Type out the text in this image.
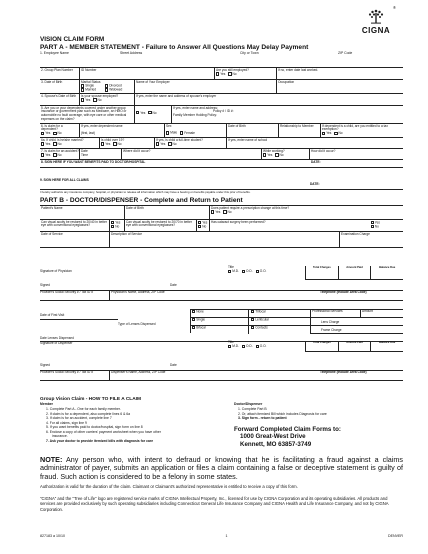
®
CIGNA
VISION CLAIM FORM
PART A - MEMBER STATEMENT - Failure to Answer All Questions May Delay Payment
1. Employee Name	Street Address	City or Town	ZIP Code
2. Group Plan Number	ID Number	Are you still employed?
Yes No
If no, enter date last worked.
3. Date of Birth	Marital Status
Single	Divorced
Married	Widowed
Name of Your Employer	Occupation
4. Spouse's Date of Birth	Is your spouse employed?
Yes No
If yes, enter the name and address of spouse's employer
5. Are you or your dependents covered under another group insurance or government plan such as Medicare, an HMO or automobile no fault coverage, with eye care or other medical expenses on the claim?
Yes No
If yes, enter name and address:
Policy # / ID #:
Family Member Holding Policy:
6. Is claim for a dependent?
Yes No
If yes, enter dependent name
(first, last)
Sex
Male Female
Date of Birth	Relationship to Member	If dependent is a child, are you entitled to a tax exemption?
Yes No
6a. If child, is he/she married?
Yes No
Is child over 19?
Yes No
If yes, is child a full-time student?
Yes No
If yes, enter name of school
7. Is claim for an accident?
Yes No
Date
Time
Where did it occur?	While working?
Yes No
How did it occur?
8. SIGN HERE IF YOU WANT BENEFITS PAID TO DOCTOR/HOSPITAL	DATE:
9. SIGN HERE FOR ALL CLAIMS
DATE:
I hereby authorize any insurance company, hospital, or physician to release all information which may have a bearing on benefits payable under this prior of benefits.
PART B - DOCTOR/DISPENSER - Complete and Return to Patient
Patient's Name	Date of Birth	Does patient require a prescription change at this time?
Yes No
Can visual acuity be restored to 20/40 in better eye with conventional eyeglasses?
Yes
No
Can visual acuity be restored to 20/70 in better eye with conventional eyeglasses?
Yes
No
Has cataract surgery been performed?	Yes
No
Date of Service	Description of Service	Examination Charge
Signature of Physician
Title
M.D. O.D. O.O.
Total Charges	Amount Paid	Balance Due
Signed	Date
Provider's Social Security # / Tax ID #	Physician's Name, Address, ZIP Code	Telephone (Include Area Code)
Date of First Visit
Type of Lenses Dispensed
None	Trifocal
Single	Lenticular
Bifocal	Contacts
Professional Services	Amount
Lens Charge
Frame Charge
Date Lenses Dispensed
Signature of Dispenser	Title
M.D. O.D. O.O.
Total Charges	Amount Paid	Balance Due
Signed	Date
Provider's Social Security # / Tax ID #	Dispenser's Name, Address, ZIP Code	Telephone (Include Area Code)
Group Vision Claim - HOW TO FILE A CLAIM
Member
1. Complete Part A - One for each family member.
2. If claim is for a dependent, also complete lines 6 & 6a
3. If claim is for an accident, complete line 7
4. For all claims, sign line 9
5. If you want benefits paid to doctor/hospital, sign form on line 8
6. Enclose a copy of other carriers' payment worksheet when you have other
insurance.
7. Ask your doctor to provide itemized bills with diagnosis for care
Doctor/Dispenser
1. Complete Part B
2. Or, attach itemized Bill which includes Diagnosis for care
3. Sign form - return to patient
Forward Completed Claim Forms to:
1000 Great-West Drive
Kennett, MO 63857-3749
NOTE: Any person who, with intent to defraud or knowing that he is facilitating a fraud against a claims administrator of payer, submits an application or files a claim containing a false or deceptive statement is guilty of fraud. Such action is considered to be a felony in some states.
Authorization is valid for the duration of the claim. Claimant or Claimant's authorized representative is entitled to receive a copy of this form.
"CIGNA" and the "Tree of Life" logo are registered service marks of CIGNA Intellectual Property, Inc., licensed for use by CIGNA Corporation and its operating subsidiaries. All products and services are provided exclusively by such operating subsidiaries including Connecticut General Life Insurance Company and CIGNA Health and Life Insurance Company, and not by CIGNA Corporation.
827183 a 10/10	1	DENVER
